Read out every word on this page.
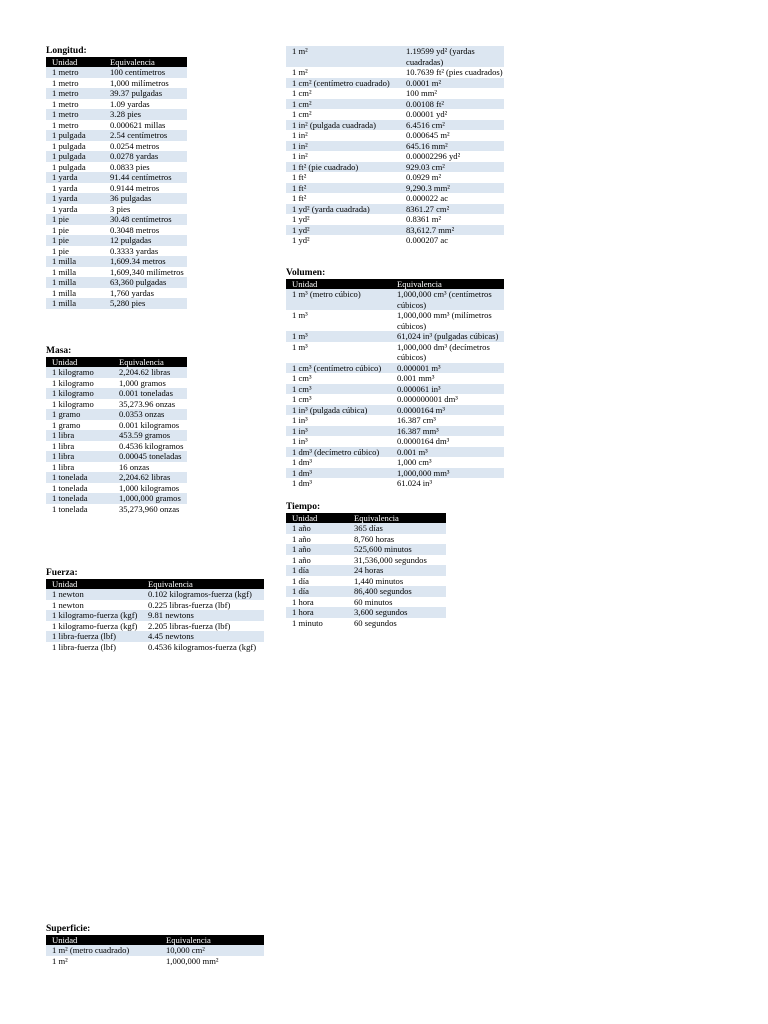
Longitud:
Unidad	Equivalencia
1 metro	100 centímetros
1 metro	1,000 milímetros
1 metro	39.37 pulgadas
1 metro	1.09 yardas
1 metro	3.28 pies
1 metro	0.000621 millas
1 pulgada	2.54 centímetros
1 pulgada	0.0254 metros
1 pulgada	0.0278 yardas
1 pulgada	0.0833 pies
1 yarda	91.44 centímetros
1 yarda	0.9144 metros
1 yarda	36 pulgadas
1 yarda	3 pies
1 pie	30.48 centímetros
1 pie	0.3048 metros
1 pie	12 pulgadas
1 pie	0.3333 yardas
1 milla	1,609.34 metros
1 milla	1,609,340 milímetros
1 milla	63,360 pulgadas
1 milla	1,760 yardas
1 milla	5,280 pies
Masa:
Unidad	Equivalencia
1 kilogramo	2,204.62 libras
1 kilogramo	1,000 gramos
1 kilogramo	0.001 toneladas
1 kilogramo	35,273.96 onzas
1 gramo	0.0353 onzas
1 gramo	0.001 kilogramos
1 libra	453.59 gramos
1 libra	0.4536 kilogramos
1 libra	0.00045 toneladas
1 libra	16 onzas
1 tonelada	2,204.62 libras
1 tonelada	1,000 kilogramos
1 tonelada	1,000,000 gramos
1 tonelada	35,273,960 onzas
Fuerza:
Unidad	Equivalencia
1 newton	0.102 kilogramos-fuerza (kgf)
1 newton	0.225 libras-fuerza (lbf)
1 kilogramo-fuerza (kgf)	9.81 newtons
1 kilogramo-fuerza (kgf)	2.205 libras-fuerza (lbf)
1 libra-fuerza (lbf)	4.45 newtons
1 libra-fuerza (lbf)	0.4536 kilogramos-fuerza (kgf)
1 m²	1.19599 yd² (yardas cuadradas)
1 m²	10.7639 ft² (pies cuadrados)
1 cm² (centímetro cuadrado)	0.0001 m²
1 cm²	100 mm²
1 cm²	0.00108 ft²
1 cm²	0.00001 yd²
1 in² (pulgada cuadrada)	6.4516 cm²
1 in²	0.000645 m²
1 in²	645.16 mm²
1 in²	0.00002296 yd²
1 ft² (pie cuadrado)	929.03 cm²
1 ft²	0.0929 m²
1 ft²	9,290.3 mm²
1 ft²	0.000022 ac
1 yd² (yarda cuadrada)	8361.27 cm²
1 yd²	0.8361 m²
1 yd²	83,612.7 mm²
1 yd²	0.000207 ac
Volumen:
Unidad	Equivalencia
1 m³ (metro cúbico)	1,000,000 cm³ (centímetros cúbicos)
1 m³	1,000,000 mm³ (milímetros cúbicos)
1 m³	61,024 in³ (pulgadas cúbicas)
1 m³	1,000,000 dm³ (decímetros cúbicos)
1 cm³ (centímetro cúbico)	0.000001 m³
1 cm³	0.001 mm³
1 cm³	0.000061 in³
1 cm³	0.000000001 dm³
1 in³ (pulgada cúbica)	0.0000164 m³
1 in³	16.387 cm³
1 in³	16.387 mm³
1 in³	0.0000164 dm³
1 dm³ (decímetro cúbico)	0.001 m³
1 dm³	1,000 cm³
1 dm³	1,000,000 mm³
1 dm³	61.024 in³
Tiempo:
Unidad	Equivalencia
1 año	365 días
1 año	8,760 horas
1 año	525,600 minutos
1 año	31,536,000 segundos
1 día	24 horas
1 día	1,440 minutos
1 día	86,400 segundos
1 hora	60 minutos
1 hora	3,600 segundos
1 minuto	60 segundos
Superficie:
Unidad	Equivalencia
1 m² (metro cuadrado)	10,000 cm²
1 m²	1,000,000 mm²
